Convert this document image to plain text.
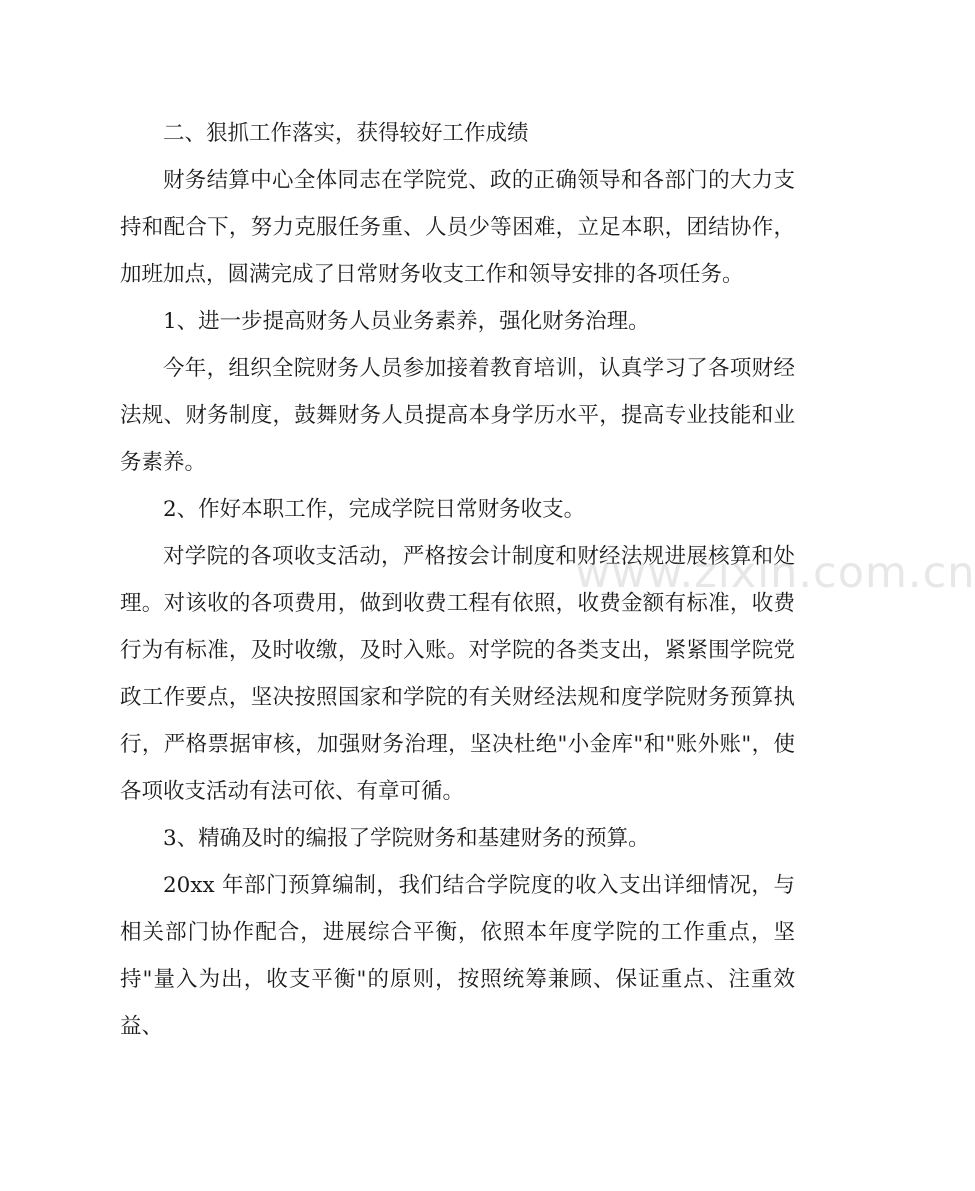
二、狠抓工作落实，获得较好工作成绩

财务结算中心全体同志在学院党、政的正确领导和各部门的大力支持和配合下，努力克服任务重、人员少等困难，立足本职，团结协作，加班加点，圆满完成了日常财务收支工作和领导安排的各项任务。

1、进一步提高财务人员业务素养，强化财务治理。

今年，组织全院财务人员参加接着教育培训，认真学习了各项财经法规、财务制度，鼓舞财务人员提高本身学历水平，提高专业技能和业务素养。

2、作好本职工作，完成学院日常财务收支。

对学院的各项收支活动，严格按会计制度和财经法规进展核算和处理。对该收的各项费用，做到收费工程有依照，收费金额有标准，收费行为有标准，及时收缴，及时入账。对学院的各类支出，紧紧围学院党政工作要点，坚决按照国家和学院的有关财经法规和度学院财务预算执行，严格票据审核，加强财务治理，坚决杜绝"小金库"和"账外账"，使各项收支活动有法可依、有章可循。

3、精确及时的编报了学院财务和基建财务的预算。

20xx 年部门预算编制，我们结合学院度的收入支出详细情况，与相关部门协作配合，进展综合平衡，依照本年度学院的工作重点，坚持"量入为出，收支平衡"的原则，按照统筹兼顾、保证重点、注重效益、

www.zixin.com.cn
